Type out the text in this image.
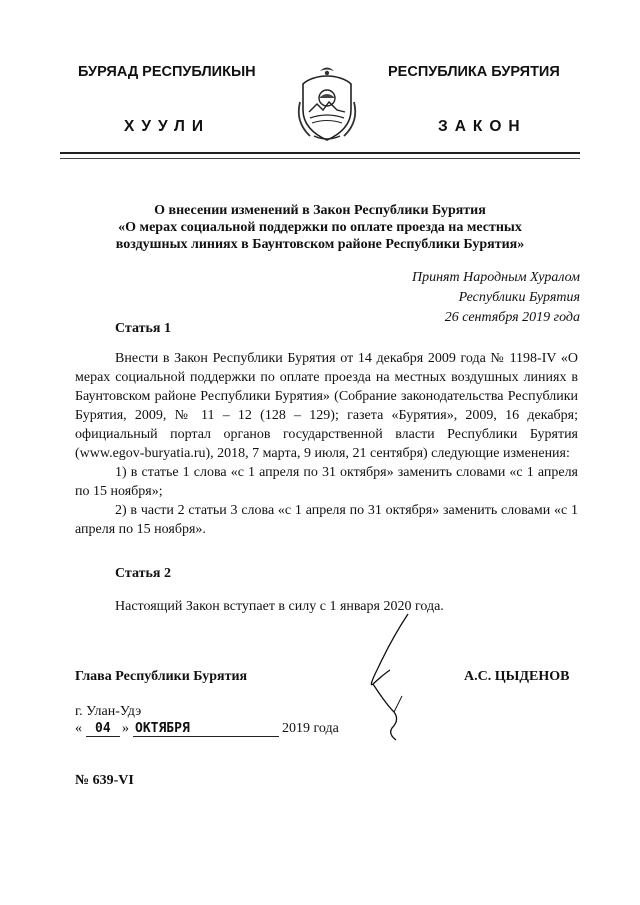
БУРЯАД РЕСПУБЛИКЫН
ХУУЛИ
РЕСПУБЛИКА БУРЯТИЯ
ЗАКОН
О внесении изменений в Закон Республики Бурятия
«О мерах социальной поддержки по оплате проезда на местных
воздушных линиях в Баунтовском районе Республики Бурятия»
Принят Народным Хуралом
Республики Бурятия
26 сентября 2019 года
Статья 1

Внести в Закон Республики Бурятия от 14 декабря 2009 года № 1198-IV «О мерах социальной поддержки по оплате проезда на местных воздушных линиях в Баунтовском районе Республики Бурятия» (Собрание законодательства Республики Бурятия, 2009, № 11 – 12 (128 – 129); газета «Бурятия», 2009, 16 декабря; официальный портал органов государственной власти Республики Бурятия (www.egov-buryatia.ru), 2018, 7 марта, 9 июля, 21 сентября) следующие изменения:

1) в статье 1 слова «с 1 апреля по 31 октября» заменить словами «с 1 апреля по 15 ноября»;

2) в части 2 статьи 3 слова «с 1 апреля по 31 октября» заменить словами «с 1 апреля по 15 ноября».

Статья 2

Настоящий Закон вступает в силу с 1 января 2020 года.

Глава Республики Бурятия	А.С. ЦЫДЕНОВ
г. Улан-Удэ
« 04 » ОКТЯБРЯ	2019 года
№ 639-VI
